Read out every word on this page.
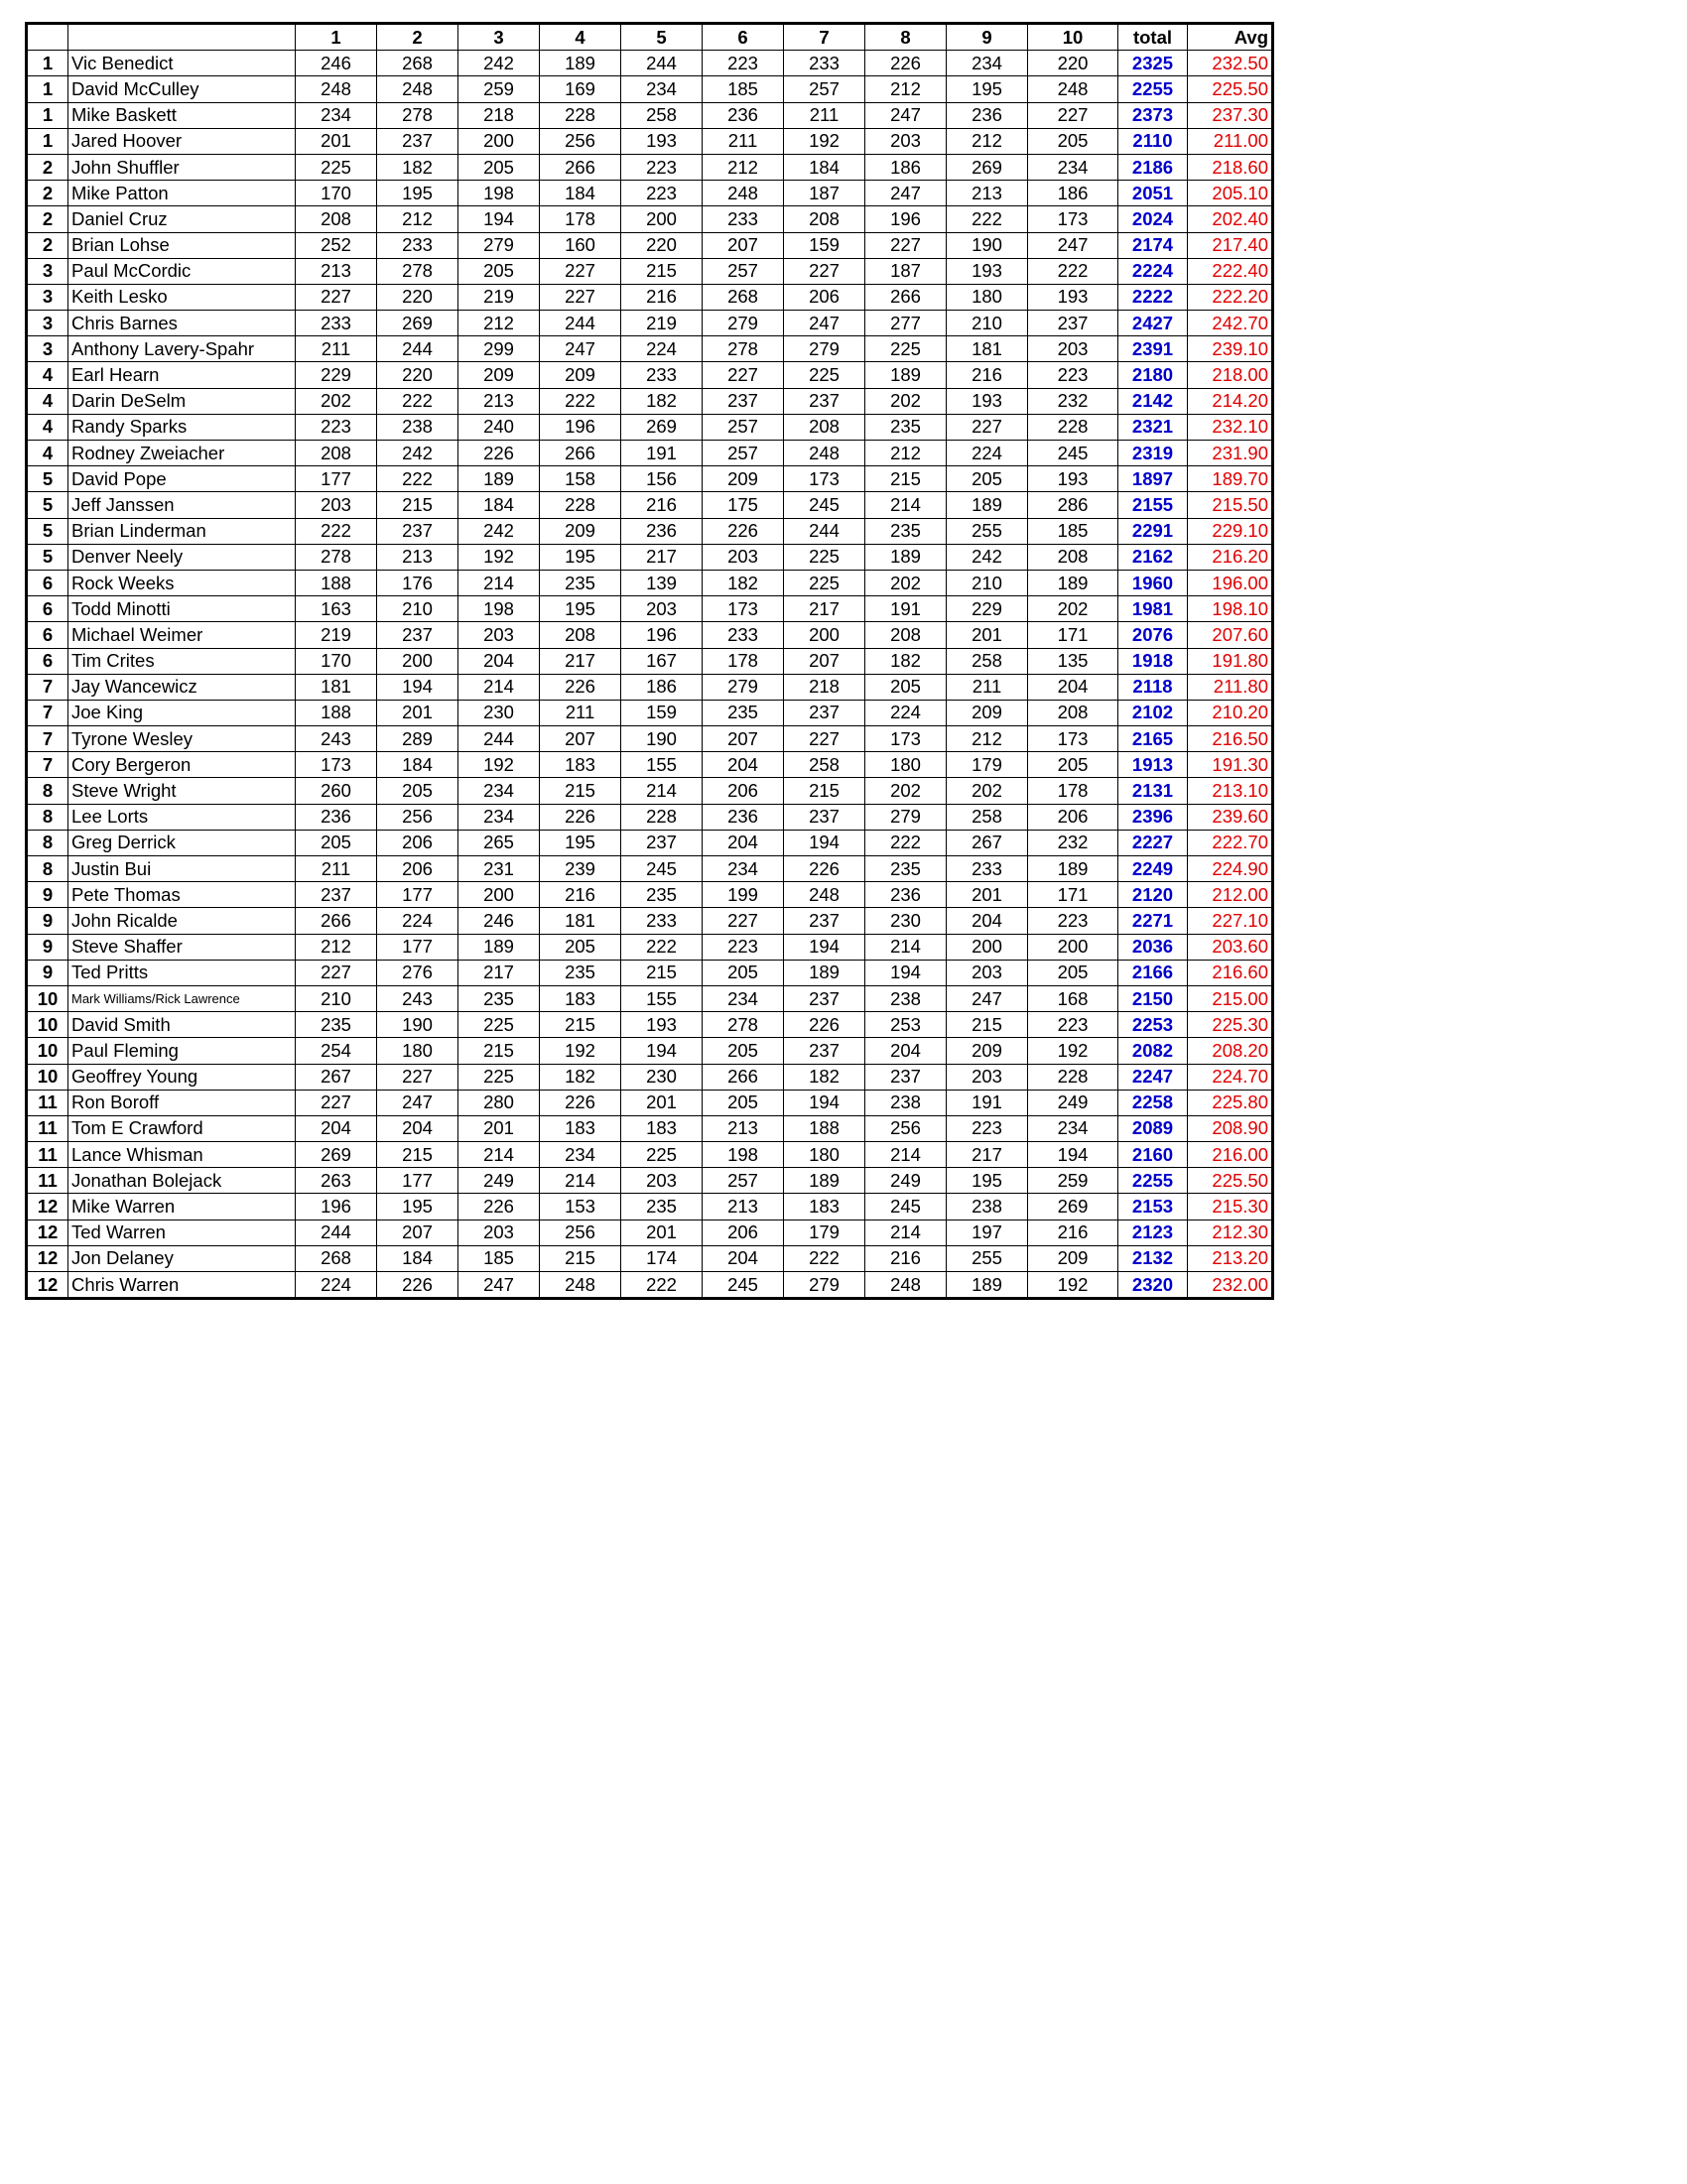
		1	2	3	4	5	6	7	8	9	10	total	Avg
1	Vic Benedict	246	268	242	189	244	223	233	226	234	220	2325	232.50
1	David McCulley	248	248	259	169	234	185	257	212	195	248	2255	225.50
1	Mike Baskett	234	278	218	228	258	236	211	247	236	227	2373	237.30
1	Jared Hoover	201	237	200	256	193	211	192	203	212	205	2110	211.00
2	John Shuffler	225	182	205	266	223	212	184	186	269	234	2186	218.60
2	Mike Patton	170	195	198	184	223	248	187	247	213	186	2051	205.10
2	Daniel Cruz	208	212	194	178	200	233	208	196	222	173	2024	202.40
2	Brian Lohse	252	233	279	160	220	207	159	227	190	247	2174	217.40
3	Paul McCordic	213	278	205	227	215	257	227	187	193	222	2224	222.40
3	Keith Lesko	227	220	219	227	216	268	206	266	180	193	2222	222.20
3	Chris Barnes	233	269	212	244	219	279	247	277	210	237	2427	242.70
3	Anthony Lavery-Spahr	211	244	299	247	224	278	279	225	181	203	2391	239.10
4	Earl Hearn	229	220	209	209	233	227	225	189	216	223	2180	218.00
4	Darin DeSelm	202	222	213	222	182	237	237	202	193	232	2142	214.20
4	Randy Sparks	223	238	240	196	269	257	208	235	227	228	2321	232.10
4	Rodney Zweiacher	208	242	226	266	191	257	248	212	224	245	2319	231.90
5	David Pope	177	222	189	158	156	209	173	215	205	193	1897	189.70
5	Jeff Janssen	203	215	184	228	216	175	245	214	189	286	2155	215.50
5	Brian Linderman	222	237	242	209	236	226	244	235	255	185	2291	229.10
5	Denver Neely	278	213	192	195	217	203	225	189	242	208	2162	216.20
6	Rock Weeks	188	176	214	235	139	182	225	202	210	189	1960	196.00
6	Todd Minotti	163	210	198	195	203	173	217	191	229	202	1981	198.10
6	Michael Weimer	219	237	203	208	196	233	200	208	201	171	2076	207.60
6	Tim Crites	170	200	204	217	167	178	207	182	258	135	1918	191.80
7	Jay Wancewicz	181	194	214	226	186	279	218	205	211	204	2118	211.80
7	Joe King	188	201	230	211	159	235	237	224	209	208	2102	210.20
7	Tyrone Wesley	243	289	244	207	190	207	227	173	212	173	2165	216.50
7	Cory Bergeron	173	184	192	183	155	204	258	180	179	205	1913	191.30
8	Steve Wright	260	205	234	215	214	206	215	202	202	178	2131	213.10
8	Lee Lorts	236	256	234	226	228	236	237	279	258	206	2396	239.60
8	Greg Derrick	205	206	265	195	237	204	194	222	267	232	2227	222.70
8	Justin Bui	211	206	231	239	245	234	226	235	233	189	2249	224.90
9	Pete Thomas	237	177	200	216	235	199	248	236	201	171	2120	212.00
9	John Ricalde	266	224	246	181	233	227	237	230	204	223	2271	227.10
9	Steve Shaffer	212	177	189	205	222	223	194	214	200	200	2036	203.60
9	Ted Pritts	227	276	217	235	215	205	189	194	203	205	2166	216.60
10	Mark Williams/Rick Lawrence	210	243	235	183	155	234	237	238	247	168	2150	215.00
10	David Smith	235	190	225	215	193	278	226	253	215	223	2253	225.30
10	Paul Fleming	254	180	215	192	194	205	237	204	209	192	2082	208.20
10	Geoffrey Young	267	227	225	182	230	266	182	237	203	228	2247	224.70
11	Ron Boroff	227	247	280	226	201	205	194	238	191	249	2258	225.80
11	Tom E Crawford	204	204	201	183	183	213	188	256	223	234	2089	208.90
11	Lance Whisman	269	215	214	234	225	198	180	214	217	194	2160	216.00
11	Jonathan Bolejack	263	177	249	214	203	257	189	249	195	259	2255	225.50
12	Mike Warren	196	195	226	153	235	213	183	245	238	269	2153	215.30
12	Ted Warren	244	207	203	256	201	206	179	214	197	216	2123	212.30
12	Jon Delaney	268	184	185	215	174	204	222	216	255	209	2132	213.20
12	Chris Warren	224	226	247	248	222	245	279	248	189	192	2320	232.00
